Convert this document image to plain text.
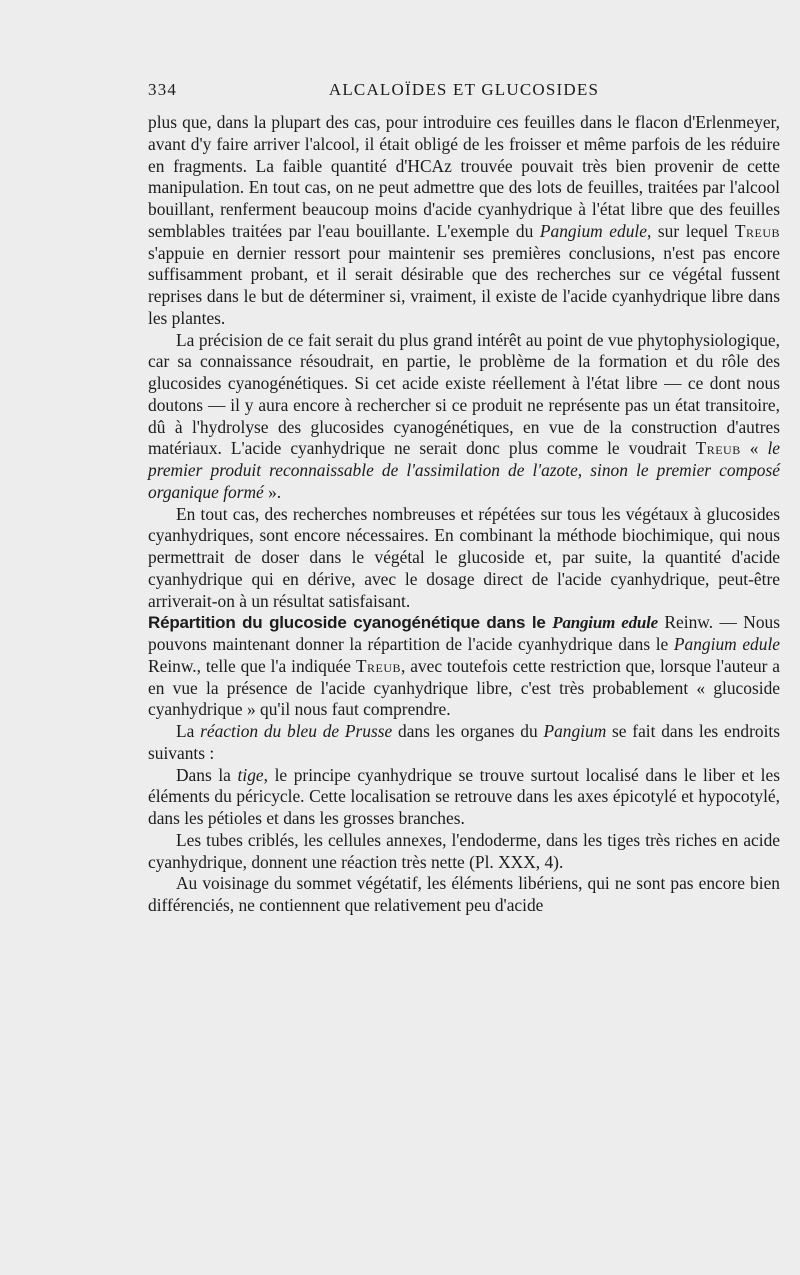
334	ALCALOÏDES ET GLUCOSIDES

plus que, dans la plupart des cas, pour introduire ces feuilles dans le flacon d'Erlenmeyer, avant d'y faire arriver l'alcool, il était obligé de les froisser et même parfois de les réduire en fragments. La faible quantité d'HCAz trouvée pouvait très bien provenir de cette manipulation. En tout cas, on ne peut admettre que des lots de feuilles, traitées par l'alcool bouillant, renferment beaucoup moins d'acide cyanhydrique à l'état libre que des feuilles semblables traitées par l'eau bouillante. L'exemple du Pangium edule, sur lequel Treub s'appuie en dernier ressort pour maintenir ses premières conclusions, n'est pas encore suffisamment probant, et il serait désirable que des recherches sur ce végétal fussent reprises dans le but de déterminer si, vraiment, il existe de l'acide cyanhydrique libre dans les plantes.

La précision de ce fait serait du plus grand intérêt au point de vue phytophysiologique, car sa connaissance résoudrait, en partie, le problème de la formation et du rôle des glucosides cyanogénétiques. Si cet acide existe réellement à l'état libre — ce dont nous doutons — il y aura encore à rechercher si ce produit ne représente pas un état transitoire, dû à l'hydrolyse des glucosides cyanogénétiques, en vue de la construction d'autres matériaux. L'acide cyanhydrique ne serait donc plus comme le voudrait Treub « le premier produit reconnaissable de l'assimilation de l'azote, sinon le premier composé organique formé ».

En tout cas, des recherches nombreuses et répétées sur tous les végétaux à glucosides cyanhydriques, sont encore nécessaires. En combinant la méthode biochimique, qui nous permettrait de doser dans le végétal le glucoside et, par suite, la quantité d'acide cyanhydrique qui en dérive, avec le dosage direct de l'acide cyanhydrique, peut-être arriverait-on à un résultat satisfaisant.

Répartition du glucoside cyanogénétique dans le Pangium edule Reinw. — Nous pouvons maintenant donner la répartition de l'acide cyanhydrique dans le Pangium edule Reinw., telle que l'a indiquée Treub, avec toutefois cette restriction que, lorsque l'auteur a en vue la présence de l'acide cyanhydrique libre, c'est très probablement « glucoside cyanhydrique » qu'il nous faut comprendre.

La réaction du bleu de Prusse dans les organes du Pangium se fait dans les endroits suivants :

Dans la tige, le principe cyanhydrique se trouve surtout localisé dans le liber et les éléments du péricycle. Cette localisation se retrouve dans les axes épicotylé et hypocotylé, dans les pétioles et dans les grosses branches.

Les tubes criblés, les cellules annexes, l'endoderme, dans les tiges très riches en acide cyanhydrique, donnent une réaction très nette (Pl. XXX, 4).

Au voisinage du sommet végétatif, les éléments libériens, qui ne sont pas encore bien différenciés, ne contiennent que relativement peu d'acide
